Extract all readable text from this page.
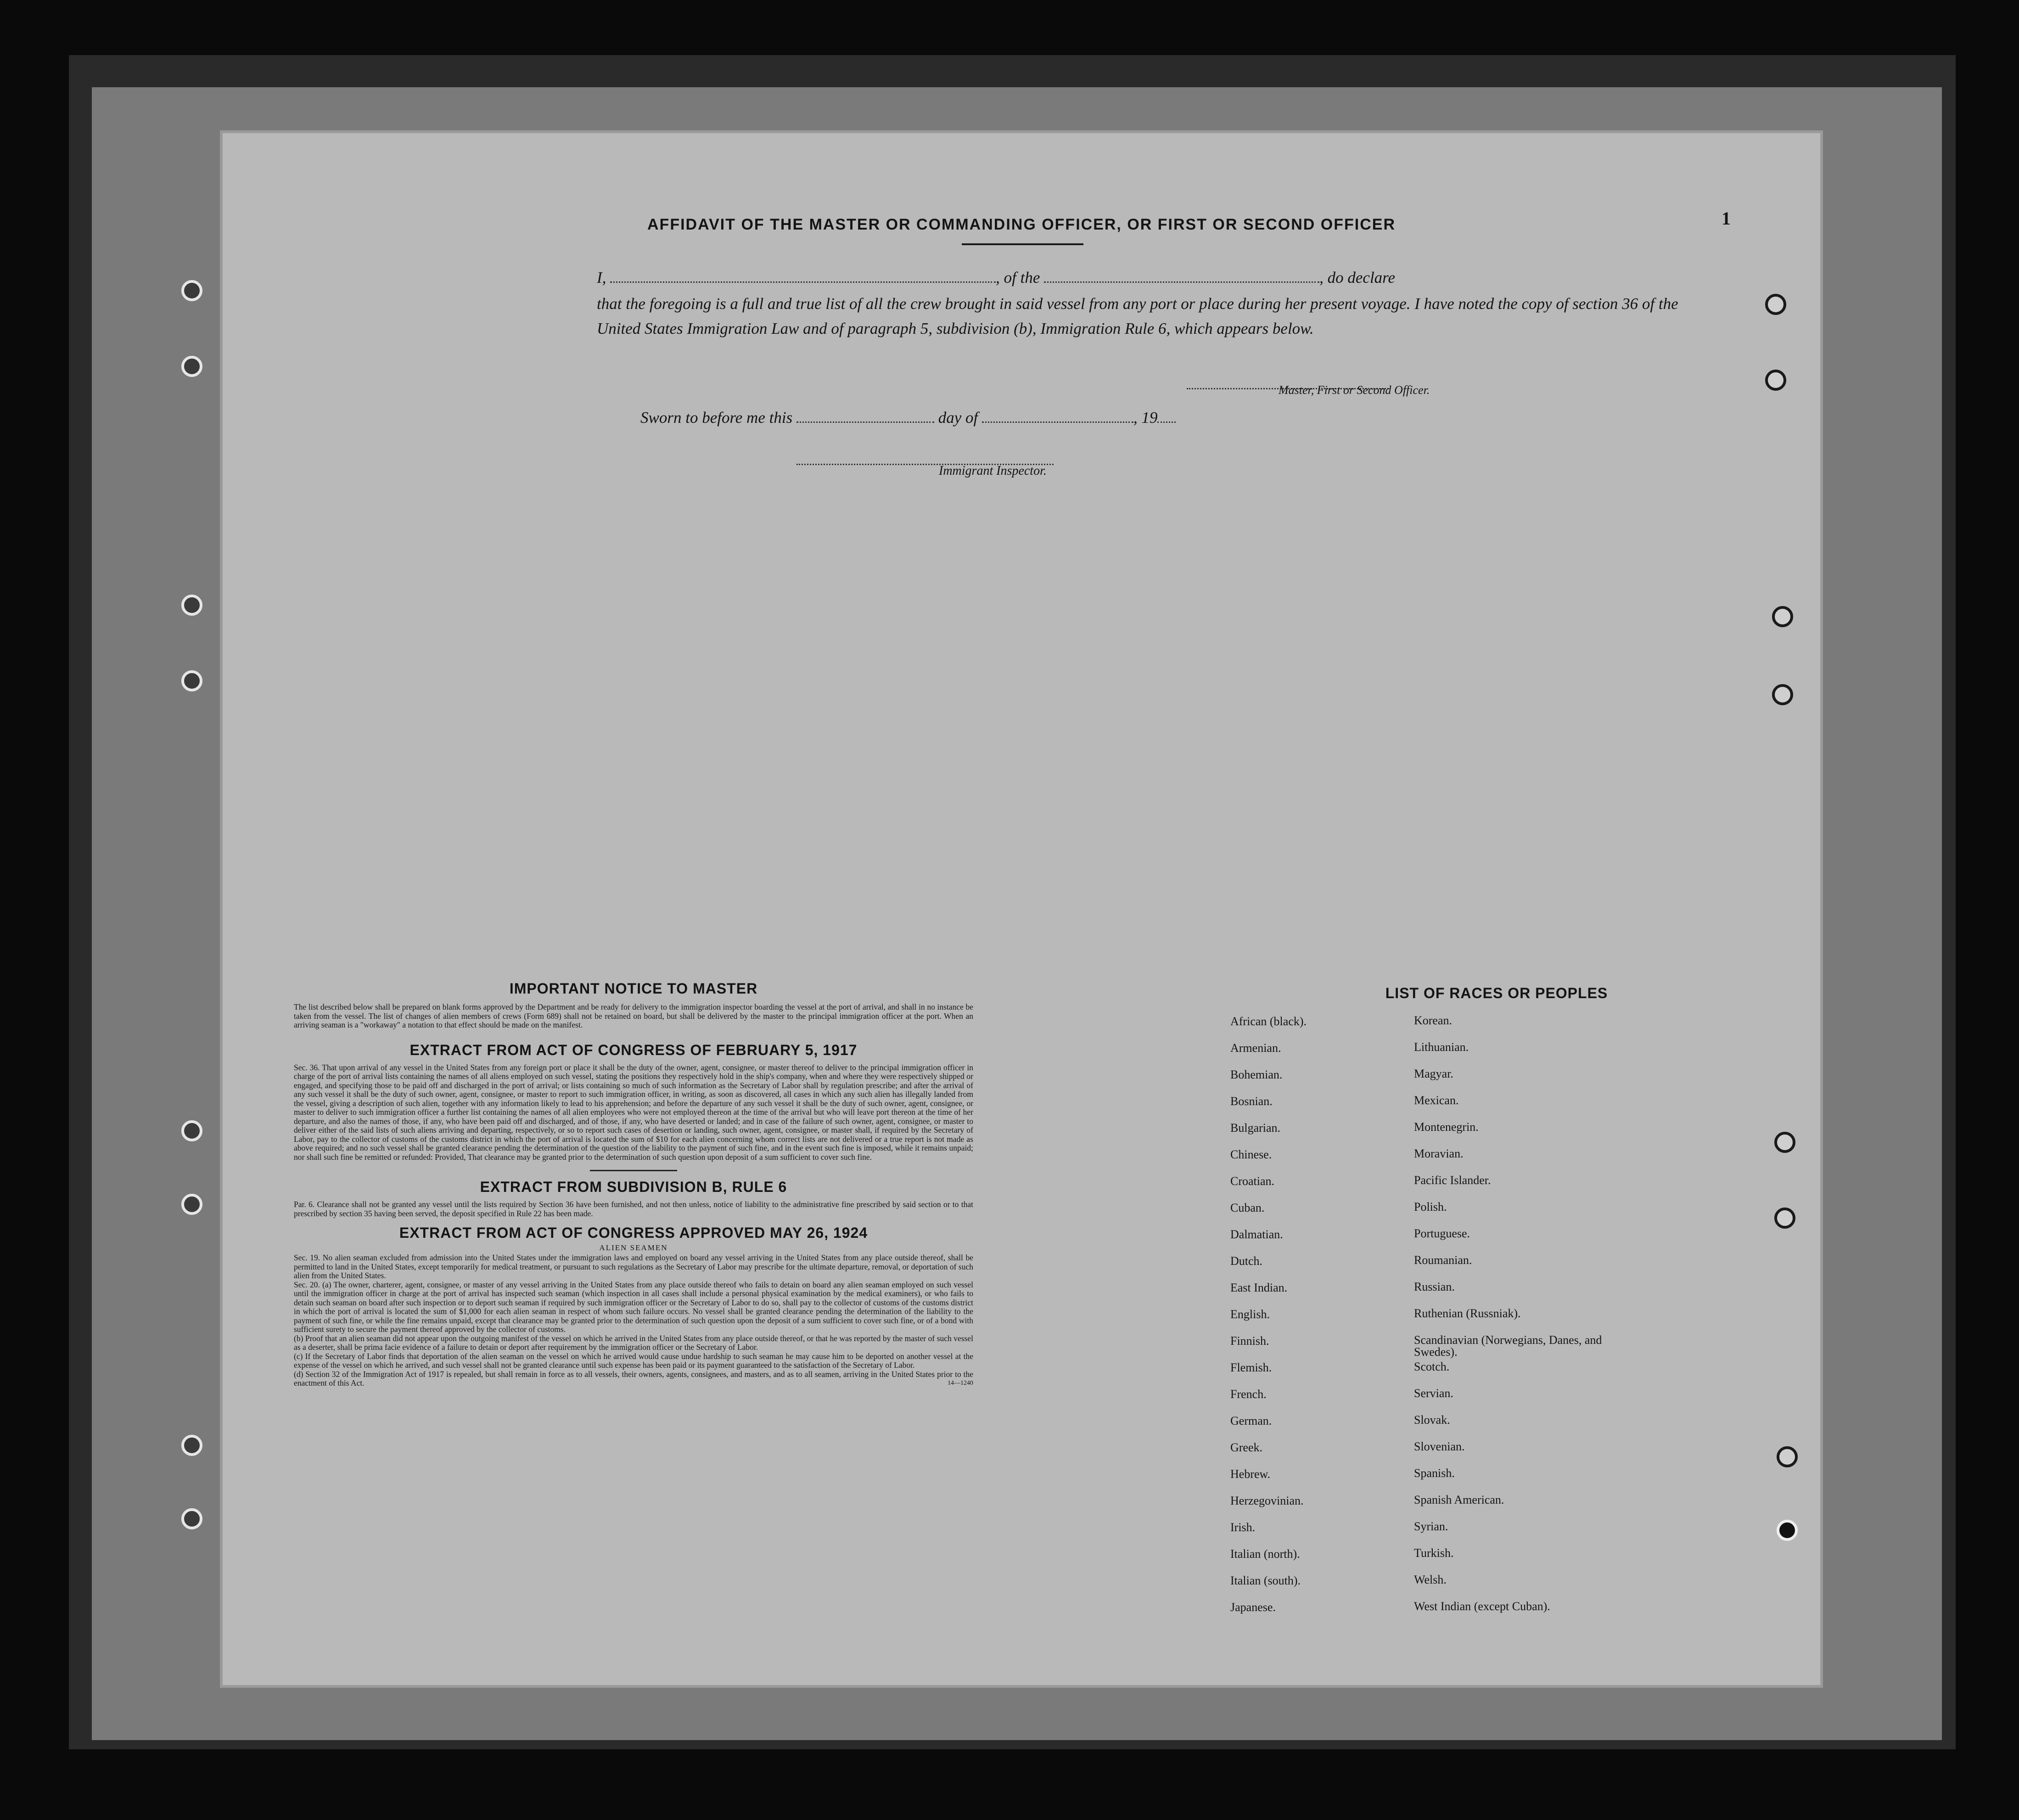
1
AFFIDAVIT OF THE MASTER OR COMMANDING OFFICER, OR FIRST OR SECOND OFFICER
I,	, of the	, do declare
that the foregoing is a full and true list of all the crew brought in said vessel from any port or place during her present voyage. I have noted the copy of section 36 of the United States Immigration Law and of paragraph 5, subdivision (b), Immigration Rule 6, which appears below.
Master, First or Second Officer.
Sworn to before me this	day of	, 19
Immigrant Inspector.

IMPORTANT NOTICE TO MASTER

The list described below shall be prepared on blank forms approved by the Department and be ready for delivery to the immigration inspector boarding the vessel at the port of arrival, and shall in no instance be taken from the vessel. The list of changes of alien members of crews (Form 689) shall not be retained on board, but shall be delivered by the master to the principal immigration officer at the port. When an arriving seaman is a "workaway" a notation to that effect should be made on the manifest.

EXTRACT FROM ACT OF CONGRESS OF FEBRUARY 5, 1917

Sec. 36. That upon arrival of any vessel in the United States from any foreign port or place it shall be the duty of the owner, agent, consignee, or master thereof to deliver to the principal immigration officer in charge of the port of arrival lists containing the names of all aliens employed on such vessel, stating the positions they respectively hold in the ship's company, when and where they were respectively shipped or engaged, and specifying those to be paid off and discharged in the port of arrival; or lists containing so much of such information as the Secretary of Labor shall by regulation prescribe; and after the arrival of any such vessel it shall be the duty of such owner, agent, consignee, or master to report to such immigration officer, in writing, as soon as discovered, all cases in which any such alien has illegally landed from the vessel, giving a description of such alien, together with any information likely to lead to his apprehension; and before the departure of any such vessel it shall be the duty of such owner, agent, consignee, or master to deliver to such immigration officer a further list containing the names of all alien employees who were not employed thereon at the time of the arrival but who will leave port thereon at the time of her departure, and also the names of those, if any, who have been paid off and discharged, and of those, if any, who have deserted or landed; and in case of the failure of such owner, agent, consignee, or master to deliver either of the said lists of such aliens arriving and departing, respectively, or so to report such cases of desertion or landing, such owner, agent, consignee, or master shall, if required by the Secretary of Labor, pay to the collector of customs of the customs district in which the port of arrival is located the sum of $10 for each alien concerning whom correct lists are not delivered or a true report is not made as above required; and no such vessel shall be granted clearance pending the determination of the question of the liability to the payment of such fine, and in the event such fine is imposed, while it remains unpaid; nor shall such fine be remitted or refunded: Provided, That clearance may be granted prior to the determination of such question upon deposit of a sum sufficient to cover such fine.

EXTRACT FROM SUBDIVISION B, RULE 6

Par. 6. Clearance shall not be granted any vessel until the lists required by Section 36 have been furnished, and not then unless, notice of liability to the administrative fine prescribed by said section or to that prescribed by section 35 having been served, the deposit specified in Rule 22 has been made.

EXTRACT FROM ACT OF CONGRESS APPROVED MAY 26, 1924

ALIEN SEAMEN

Sec. 19. No alien seaman excluded from admission into the United States under the immigration laws and employed on board any vessel arriving in the United States from any place outside thereof, shall be permitted to land in the United States, except temporarily for medical treatment, or pursuant to such regulations as the Secretary of Labor may prescribe for the ultimate departure, removal, or deportation of such alien from the United States.

Sec. 20. (a) The owner, charterer, agent, consignee, or master of any vessel arriving in the United States from any place outside thereof who fails to detain on board any alien seaman employed on such vessel until the immigration officer in charge at the port of arrival has inspected such seaman (which inspection in all cases shall include a personal physical examination by the medical examiners), or who fails to detain such seaman on board after such inspection or to deport such seaman if required by such immigration officer or the Secretary of Labor to do so, shall pay to the collector of customs of the customs district in which the port of arrival is located the sum of $1,000 for each alien seaman in respect of whom such failure occurs. No vessel shall be granted clearance pending the determination of the liability to the payment of such fine, or while the fine remains unpaid, except that clearance may be granted prior to the determination of such question upon the deposit of a sum sufficient to cover such fine, or of a bond with sufficient surety to secure the payment thereof approved by the collector of customs.

(b) Proof that an alien seaman did not appear upon the outgoing manifest of the vessel on which he arrived in the United States from any place outside thereof, or that he was reported by the master of such vessel as a deserter, shall be prima facie evidence of a failure to detain or deport after requirement by the immigration officer or the Secretary of Labor.

(c) If the Secretary of Labor finds that deportation of the alien seaman on the vessel on which he arrived would cause undue hardship to such seaman he may cause him to be deported on another vessel at the expense of the vessel on which he arrived, and such vessel shall not be granted clearance until such expense has been paid or its payment guaranteed to the satisfaction of the Secretary of Labor.

(d) Section 32 of the Immigration Act of 1917 is repealed, but shall remain in force as to all vessels, their owners, agents, consignees, and masters, and as to all seamen, arriving in the United States prior to the enactment of this Act.	14—1240

LIST OF RACES OR PEOPLES
African (black).	Korean.
Armenian.	Lithuanian.
Bohemian.	Magyar.
Bosnian.	Mexican.
Bulgarian.	Montenegrin.
Chinese.	Moravian.
Croatian.	Pacific Islander.
Cuban.	Polish.
Dalmatian.	Portuguese.
Dutch.	Roumanian.
East Indian.	Russian.
English.	Ruthenian (Russniak).
Finnish.	Scandinavian (Norwegians, Danes, and Swedes).
Flemish.	Scotch.
French.	Servian.
German.	Slovak.
Greek.	Slovenian.
Hebrew.	Spanish.
Herzegovinian.	Spanish American.
Irish.	Syrian.
Italian (north).	Turkish.
Italian (south).	Welsh.
Japanese.	West Indian (except Cuban).
